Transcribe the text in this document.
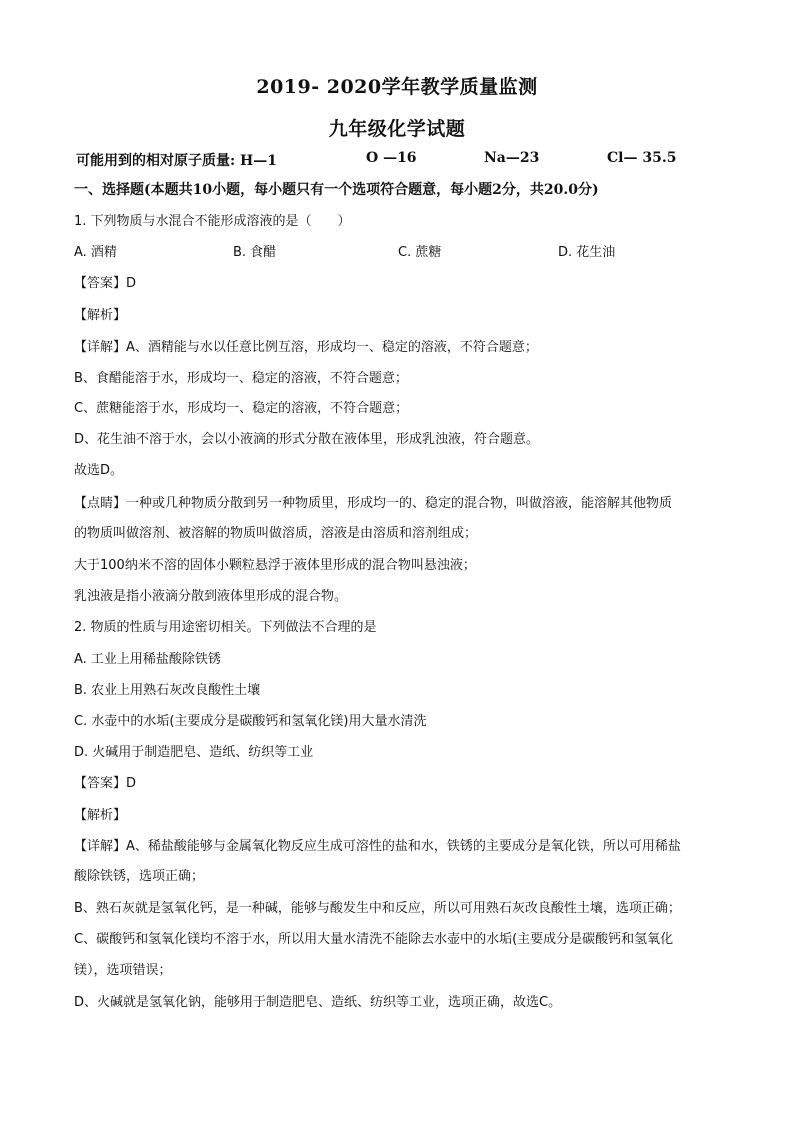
2019- 2020学年教学质量监测
九年级化学试题
可能用到的相对原子质量: H—1	O —16	Na—23	Cl— 35.5
一、选择题(本题共10小题，每小题只有一个选项符合题意，每小题2分，共20.0分)
1. 下列物质与水混合不能形成溶液的是（　　）
A. 酒精	B. 食醋	C. 蔗糖	D. 花生油
【答案】D
【解析】
【详解】A、酒精能与水以任意比例互溶，形成均一、稳定的溶液，不符合题意；
B、食醋能溶于水，形成均一、稳定的溶液，不符合题意；
C、蔗糖能溶于水，形成均一、稳定的溶液，不符合题意；
D、花生油不溶于水，会以小液滴的形式分散在液体里，形成乳浊液，符合题意。
故选D。
【点睛】一种或几种物质分散到另一种物质里，形成均一的、稳定的混合物，叫做溶液，能溶解其他物质
的物质叫做溶剂、被溶解的物质叫做溶质，溶液是由溶质和溶剂组成；
大于100纳米不溶的固体小颗粒悬浮于液体里形成的混合物叫悬浊液；
乳浊液是指小液滴分散到液体里形成的混合物。
2. 物质的性质与用途密切相关。下列做法不合理的是
A. 工业上用稀盐酸除铁锈
B. 农业上用熟石灰改良酸性土壤
C. 水壶中的水垢(主要成分是碳酸钙和氢氧化镁)用大量水清洗
D. 火碱用于制造肥皂、造纸、纺织等工业
【答案】D
【解析】
【详解】A、稀盐酸能够与金属氧化物反应生成可溶性的盐和水，铁锈的主要成分是氧化铁，所以可用稀盐
酸除铁锈，选项正确；
B、熟石灰就是氢氧化钙，是一种碱，能够与酸发生中和反应，所以可用熟石灰改良酸性土壤，选项正确；
C、碳酸钙和氢氧化镁均不溶于水，所以用大量水清洗不能除去水壶中的水垢(主要成分是碳酸钙和氢氧化
镁），选项错误；
D、火碱就是氢氧化钠，能够用于制造肥皂、造纸、纺织等工业，选项正确，故选C。
